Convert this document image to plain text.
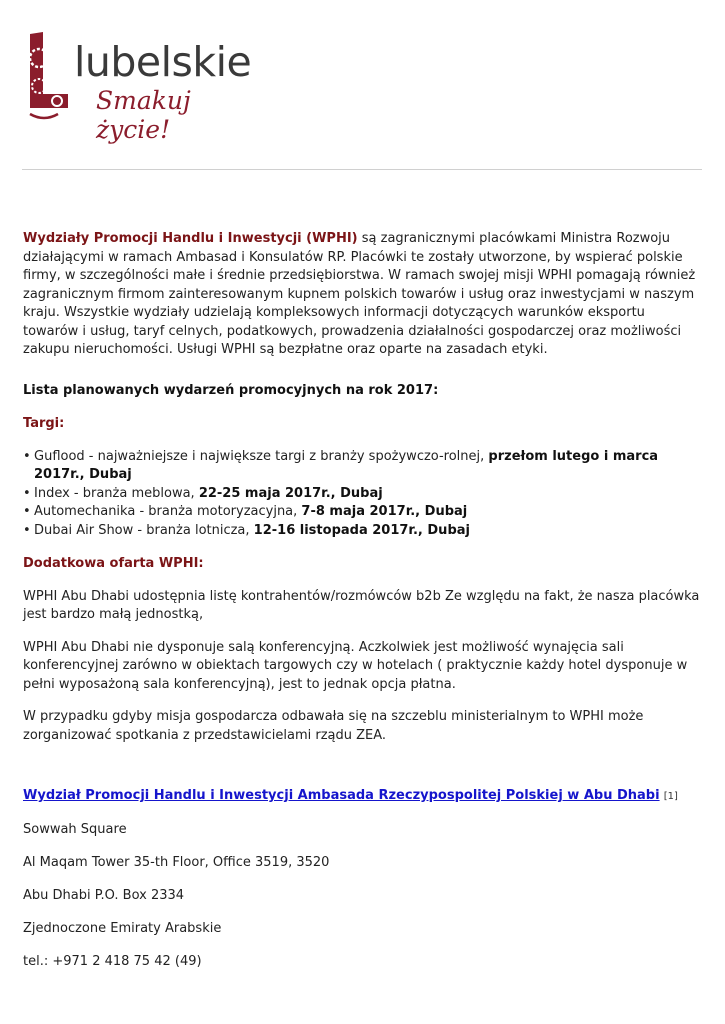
lubelskie
Smakuj życie!

Wydziały Promocji Handlu i Inwestycji (WPHI) są zagranicznymi placówkami Ministra Rozwoju działającymi w ramach Ambasad i Konsulatów RP. Placówki te zostały utworzone, by wspierać polskie firmy, w szczególności małe i średnie przedsiębiorstwa. W ramach swojej misji WPHI pomagają również zagranicznym firmom zainteresowanym kupnem polskich towarów i usług oraz inwestycjami w naszym kraju. Wszystkie wydziały udzielają kompleksowych informacji dotyczących warunków eksportu towarów i usług, taryf celnych, podatkowych, prowadzenia działalności gospodarczej oraz możliwości zakupu nieruchomości. Usługi WPHI są bezpłatne oraz oparte na zasadach etyki.

Lista planowanych wydarzeń promocyjnych na rok 2017:

Targi:

• Guflood - najważniejsze i największe targi z branży spożywczo-rolnej, przełom lutego i marca 2017r., Dubaj
• Index - branża meblowa, 22-25 maja 2017r., Dubaj
• Automechanika - branża motoryzacyjna, 7-8 maja 2017r., Dubaj
• Dubai Air Show - branża lotnicza, 12-16 listopada 2017r., Dubaj

Dodatkowa ofarta WPHI:

WPHI Abu Dhabi udostępnia listę kontrahentów/rozmówców b2b Ze względu na fakt, że nasza placówka jest bardzo małą jednostką,

WPHI Abu Dhabi nie dysponuje salą konferencyjną. Aczkolwiek jest możliwość wynajęcia sali konferencyjnej zarówno w obiektach targowych czy w hotelach ( praktycznie każdy hotel dysponuje w pełni wyposażoną sala konferencyjną), jest to jednak opcja płatna.

W przypadku gdyby misja gospodarcza odbawała się na szczeblu ministerialnym to WPHI może zorganizować spotkania z przedstawicielami rządu ZEA.

Wydział Promocji Handlu i Inwestycji Ambasada Rzeczypospolitej Polskiej w Abu Dhabi [1]

Sowwah Square

Al Maqam Tower 35-th Floor, Office 3519, 3520

Abu Dhabi P.O. Box 2334

Zjednoczone Emiraty Arabskie

tel.: +971 2 418 75 42 (49)
